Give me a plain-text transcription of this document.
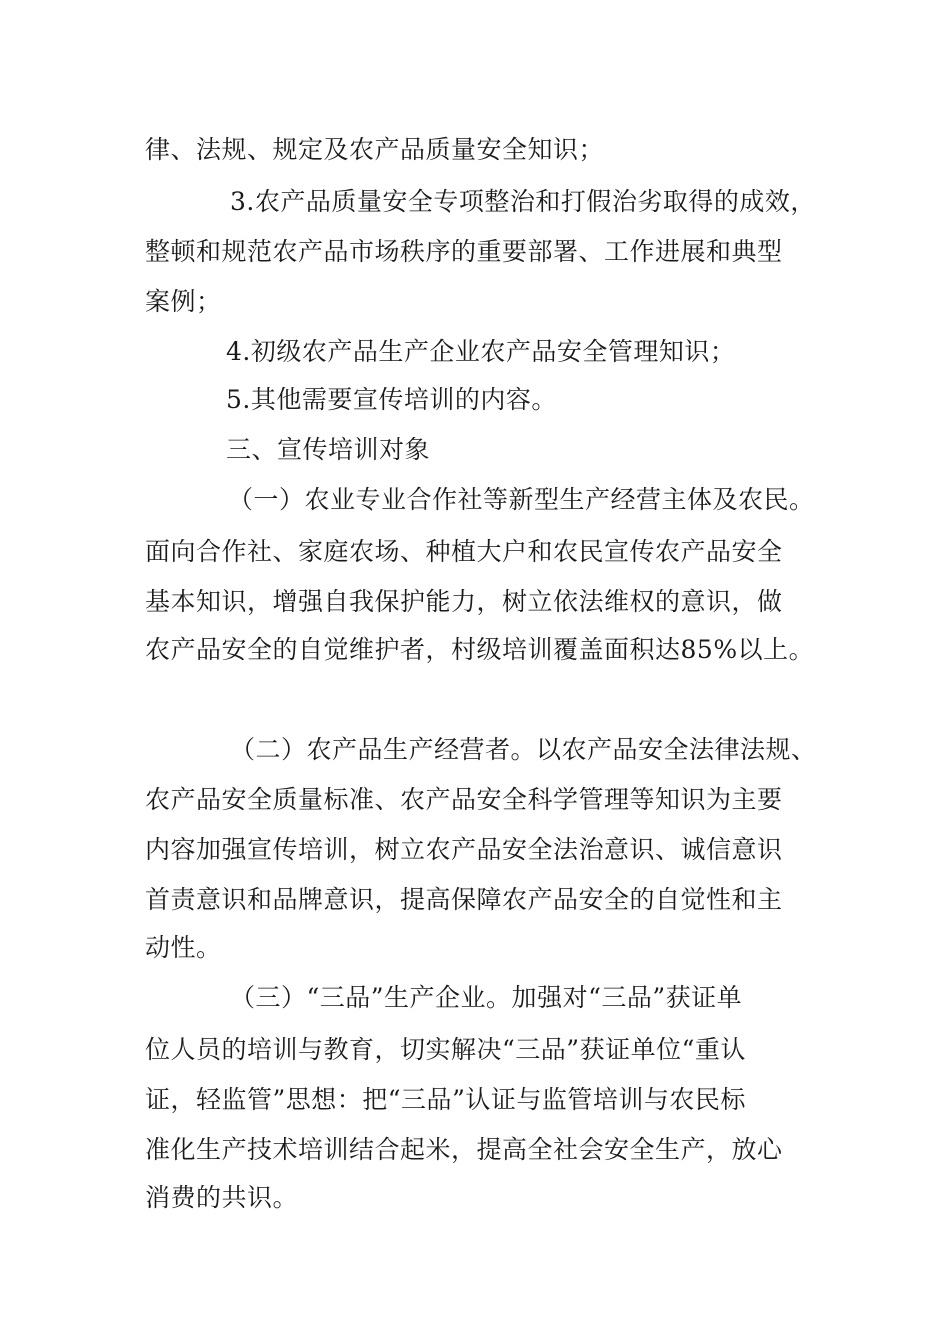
律、法规、规定及农产品质量安全知识；
3.农产品质量安全专项整治和打假治劣取得的成效，
整顿和规范农产品市场秩序的重要部署、工作进展和典型
案例；
4.初级农产品生产企业农产品安全管理知识；
5.其他需要宣传培训的内容。
三、宣传培训对象
（一）农业专业合作社等新型生产经营主体及农民。
面向合作社、家庭农场、种植大户和农民宣传农产品安全
基本知识，增强自我保护能力，树立依法维权的意识，做
农产品安全的自觉维护者，村级培训覆盖面积达85%以上。
（二）农产品生产经营者。以农产品安全法律法规、
农产品安全质量标准、农产品安全科学管理等知识为主要
内容加强宣传培训，树立农产品安全法治意识、诚信意识
首责意识和品牌意识，提高保障农产品安全的自觉性和主
动性。
（三）“三品”生产企业。加强对“三品”获证单
位人员的培训与教育，切实解决“三品”获证单位“重认
证，轻监管”思想：把“三品”认证与监管培训与农民标
准化生产技术培训结合起米，提高全社会安全生产，放心
消费的共识。
